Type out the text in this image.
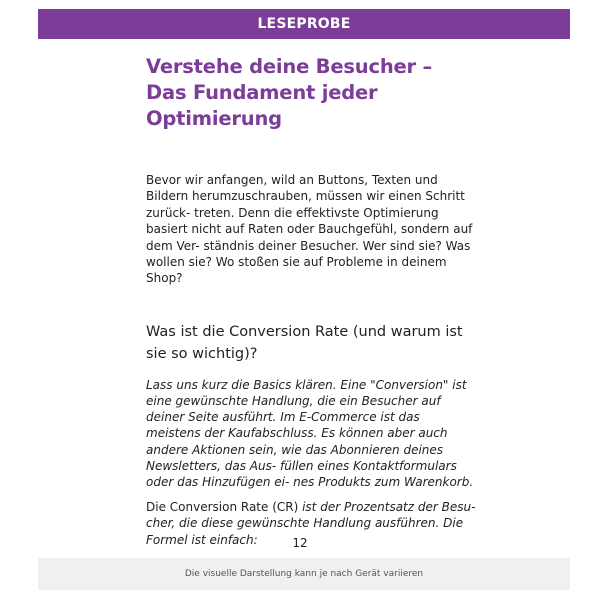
LESEPROBE
Verstehe deine Besucher – Das Fundament jeder Optimierung

Bevor wir anfangen, wild an Buttons, Texten und Bildern herumzuschrauben, müssen wir einen Schritt zurück- treten. Denn die effektivste Optimierung basiert nicht auf Raten oder Bauchgefühl, sondern auf dem Ver- ständnis deiner Besucher. Wer sind sie? Was wollen sie? Wo stoßen sie auf Probleme in deinem Shop?

Was ist die Conversion Rate (und warum ist sie so wichtig)?

Lass uns kurz die Basics klären. Eine "Conversion" ist eine gewünschte Handlung, die ein Besucher auf deiner Seite ausführt. Im E-Commerce ist das meistens der Kaufabschluss. Es können aber auch andere Aktionen sein, wie das Abonnieren deines Newsletters, das Aus- füllen eines Kontaktformulars oder das Hinzufügen ei- nes Produkts zum Warenkorb.

Die Conversion Rate (CR) ist der Prozentsatz der Besu- cher, die diese gewünschte Handlung ausführen. Die Formel ist einfach:	12
Die visuelle Darstellung kann je nach Gerät variieren
